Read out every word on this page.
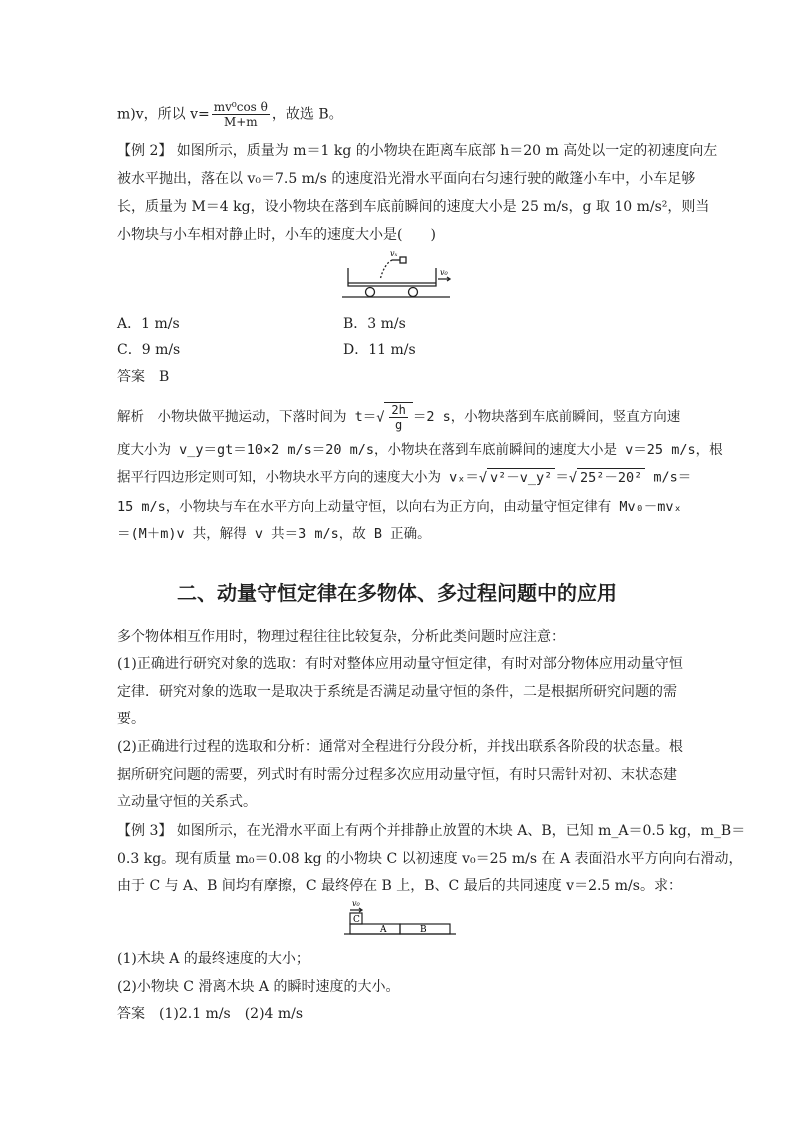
m)v，所以 $v= \frac{\text{mv⁰cos θ}}{M+m}$ ，故选 B。
【例 2】 如图所示，质量为 m＝1 kg 的小物块在距离车底部 h＝20 m 高处以一定的初速度向左
被水平抛出，落在以 v₀＝7.5 m/s 的速度沿光滑水平面向右匀速行驶的敞篷小车中，小车足够
长，质量为 M＝4 kg，设小物块在落到车底前瞬间的速度大小是 25 m/s，g 取 10 m/s²，则当
小物块与小车相对静止时，小车的速度大小是(　　)
vₓ
v₀
A．1 m/s	B．3 m/s
C．9 m/s	D．11 m/s
答案　B
解析　小物块做平抛运动，下落时间为 $t=√ \frac{2h}{g} =2$ s，小物块落到车底前瞬间，竖直方向速
度大小为 v_y＝gt＝10×2 m/s＝20 m/s，小物块在落到车底前瞬间的速度大小是 v＝25 m/s，根
据平行四边形定则可知，小物块水平方向的速度大小为 vₓ＝√ v²－v_y² ＝√ 25²－20² m/s＝
15 m/s，小物块与车在水平方向上动量守恒，以向右为正方向，由动量守恒定律有 Mv₀－mvₓ
＝(M＋m)v 共，解得 v 共＝3 m/s，故 B 正确。
二、动量守恒定律在多物体、多过程问题中的应用
多个物体相互作用时，物理过程往往比较复杂，分析此类问题时应注意：
(1)正确进行研究对象的选取：有时对整体应用动量守恒定律，有时对部分物体应用动量守恒
定律．研究对象的选取一是取决于系统是否满足动量守恒的条件，二是根据所研究问题的需
要。
(2)正确进行过程的选取和分析：通常对全程进行分段分析，并找出联系各阶段的状态量。根
据所研究问题的需要，列式时有时需分过程多次应用动量守恒，有时只需针对初、末状态建
立动量守恒的关系式。
【例 3】 如图所示，在光滑水平面上有两个并排静止放置的木块 A、B，已知 m_A＝0.5 kg，m_B＝
0.3 kg。现有质量 m₀＝0.08 kg 的小物块 C 以初速度 v₀＝25 m/s 在 A 表面沿水平方向向右滑动，
由于 C 与 A、B 间均有摩擦，C 最终停在 B 上，B、C 最后的共同速度 v＝2.5 m/s。求：
v₀
C
A	B
(1)木块 A 的最终速度的大小；
(2)小物块 C 滑离木块 A 的瞬时速度的大小。
答案　(1)2.1 m/s　(2)4 m/s
